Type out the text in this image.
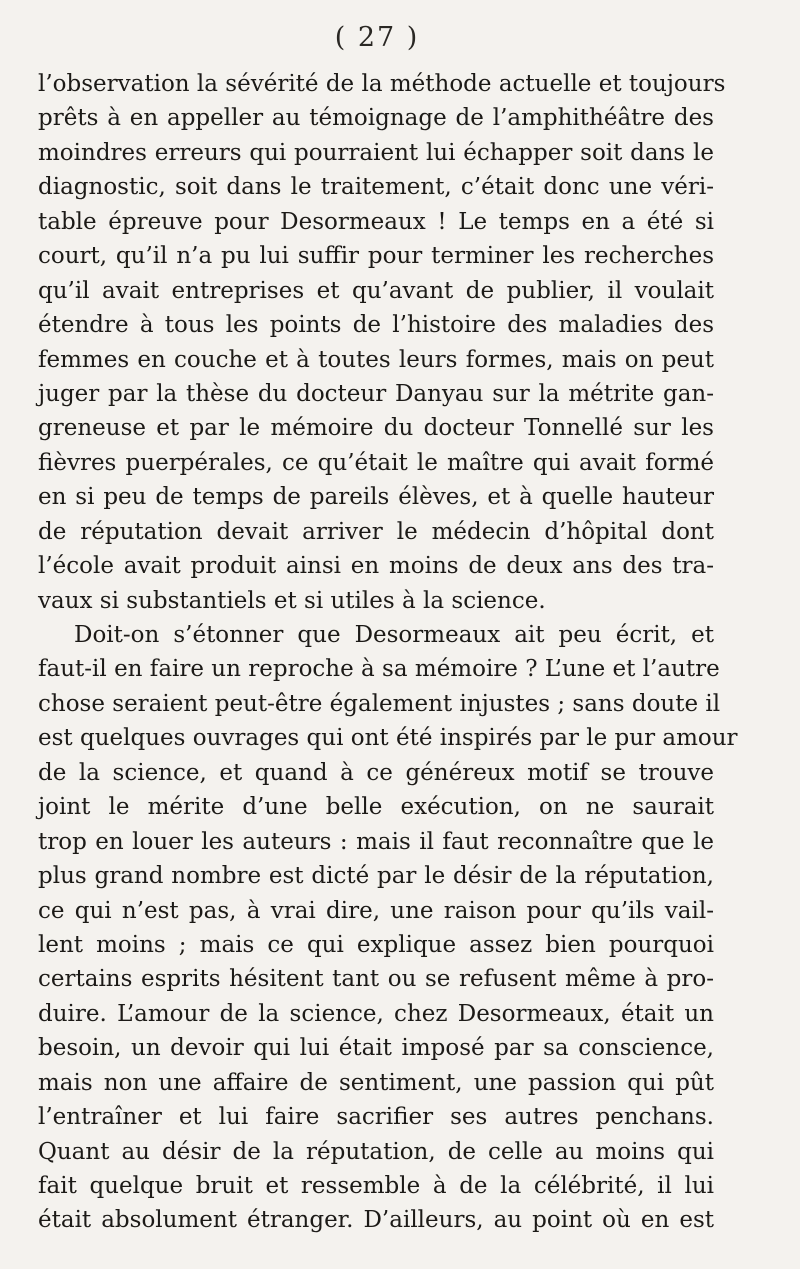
( 27 )
l’observation la sévérité de la méthode actuelle et toujours
prêts à en appeller au témoignage de l’amphithéâtre des
moindres erreurs qui pourraient lui échapper soit dans le
diagnostic, soit dans le traitement, c’était donc une véri-
table épreuve pour Desormeaux ! Le temps en a été si
court, qu’il n’a pu lui suffir pour terminer les recherches
qu’il avait entreprises et qu’avant de publier, il voulait
étendre à tous les points de l’histoire des maladies des
femmes en couche et à toutes leurs formes, mais on peut
juger par la thèse du docteur Danyau sur la métrite gan-
greneuse et par le mémoire du docteur Tonnellé sur les
fièvres puerpérales, ce qu’était le maître qui avait formé
en si peu de temps de pareils élèves, et à quelle hauteur
de réputation devait arriver le médecin d’hôpital dont
l’école avait produit ainsi en moins de deux ans des tra-
vaux si substantiels et si utiles à la science.
Doit-on s’étonner que Desormeaux ait peu écrit, et
faut-il en faire un reproche à sa mémoire ? L’une et l’autre
chose seraient peut-être également injustes ; sans doute il
est quelques ouvrages qui ont été inspirés par le pur amour
de la science, et quand à ce généreux motif se trouve
joint le mérite d’une belle exécution, on ne saurait
trop en louer les auteurs : mais il faut reconnaître que le
plus grand nombre est dicté par le désir de la réputation,
ce qui n’est pas, à vrai dire, une raison pour qu’ils vail-
lent moins ; mais ce qui explique assez bien pourquoi
certains esprits hésitent tant ou se refusent même à pro-
duire. L’amour de la science, chez Desormeaux, était un
besoin, un devoir qui lui était imposé par sa conscience,
mais non une affaire de sentiment, une passion qui pût
l’entraîner et lui faire sacrifier ses autres penchans.
Quant au désir de la réputation, de celle au moins qui
fait quelque bruit et ressemble à de la célébrité, il lui
était absolument étranger. D’ailleurs, au point où en est
